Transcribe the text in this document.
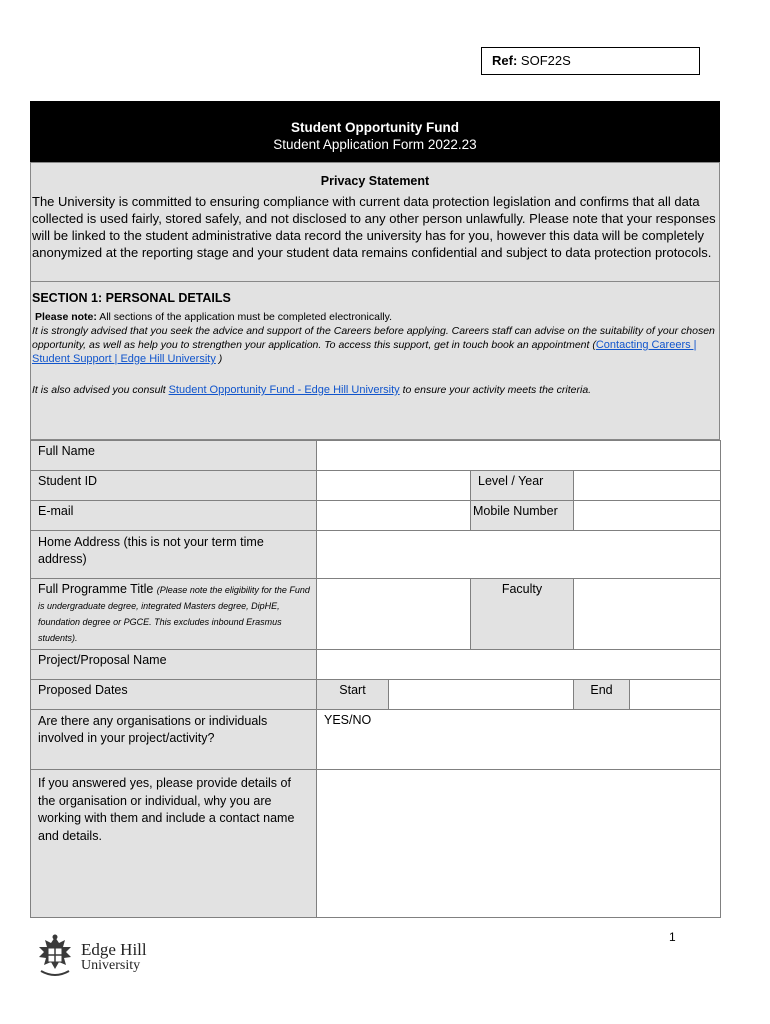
Ref: SOF22S
Student Opportunity Fund
Student Application Form 2022.23
Privacy Statement
The University is committed to ensuring compliance with current data protection legislation and confirms that all data collected is used fairly, stored safely, and not disclosed to any other person unlawfully. Please note that your responses will be linked to the student administrative data record the university has for you, however this data will be completely anonymized at the reporting stage and your student data remains confidential and subject to data protection protocols.
SECTION 1: PERSONAL DETAILS
Please note: All sections of the application must be completed electronically.
It is strongly advised that you seek the advice and support of the Careers before applying. Careers staff can advise on the suitability of your chosen opportunity, as well as help you to strengthen your application. To access this support, get in touch book an appointment (Contacting Careers | Student Support | Edge Hill University )
It is also advised you consult Student Opportunity Fund - Edge Hill University to ensure your activity meets the criteria.
Full Name					
Student ID			Level / Year		
E-mail			Mobile Number		
Home Address (this is not your term time address)					
Full Programme Title (Please note the eligibility for the Fund is undergraduate degree, integrated Masters degree, DipHE, foundation degree or PGCE. This excludes inbound Erasmus students).			Faculty		
Project/Proposal Name					
Proposed Dates	Start			End	
Are there any organisations or individuals involved in your project/activity?	YES/NO				
If you answered yes, please provide details of the organisation or individual, why you are working with them and include a contact name and details.					
1
Edge Hill
University
